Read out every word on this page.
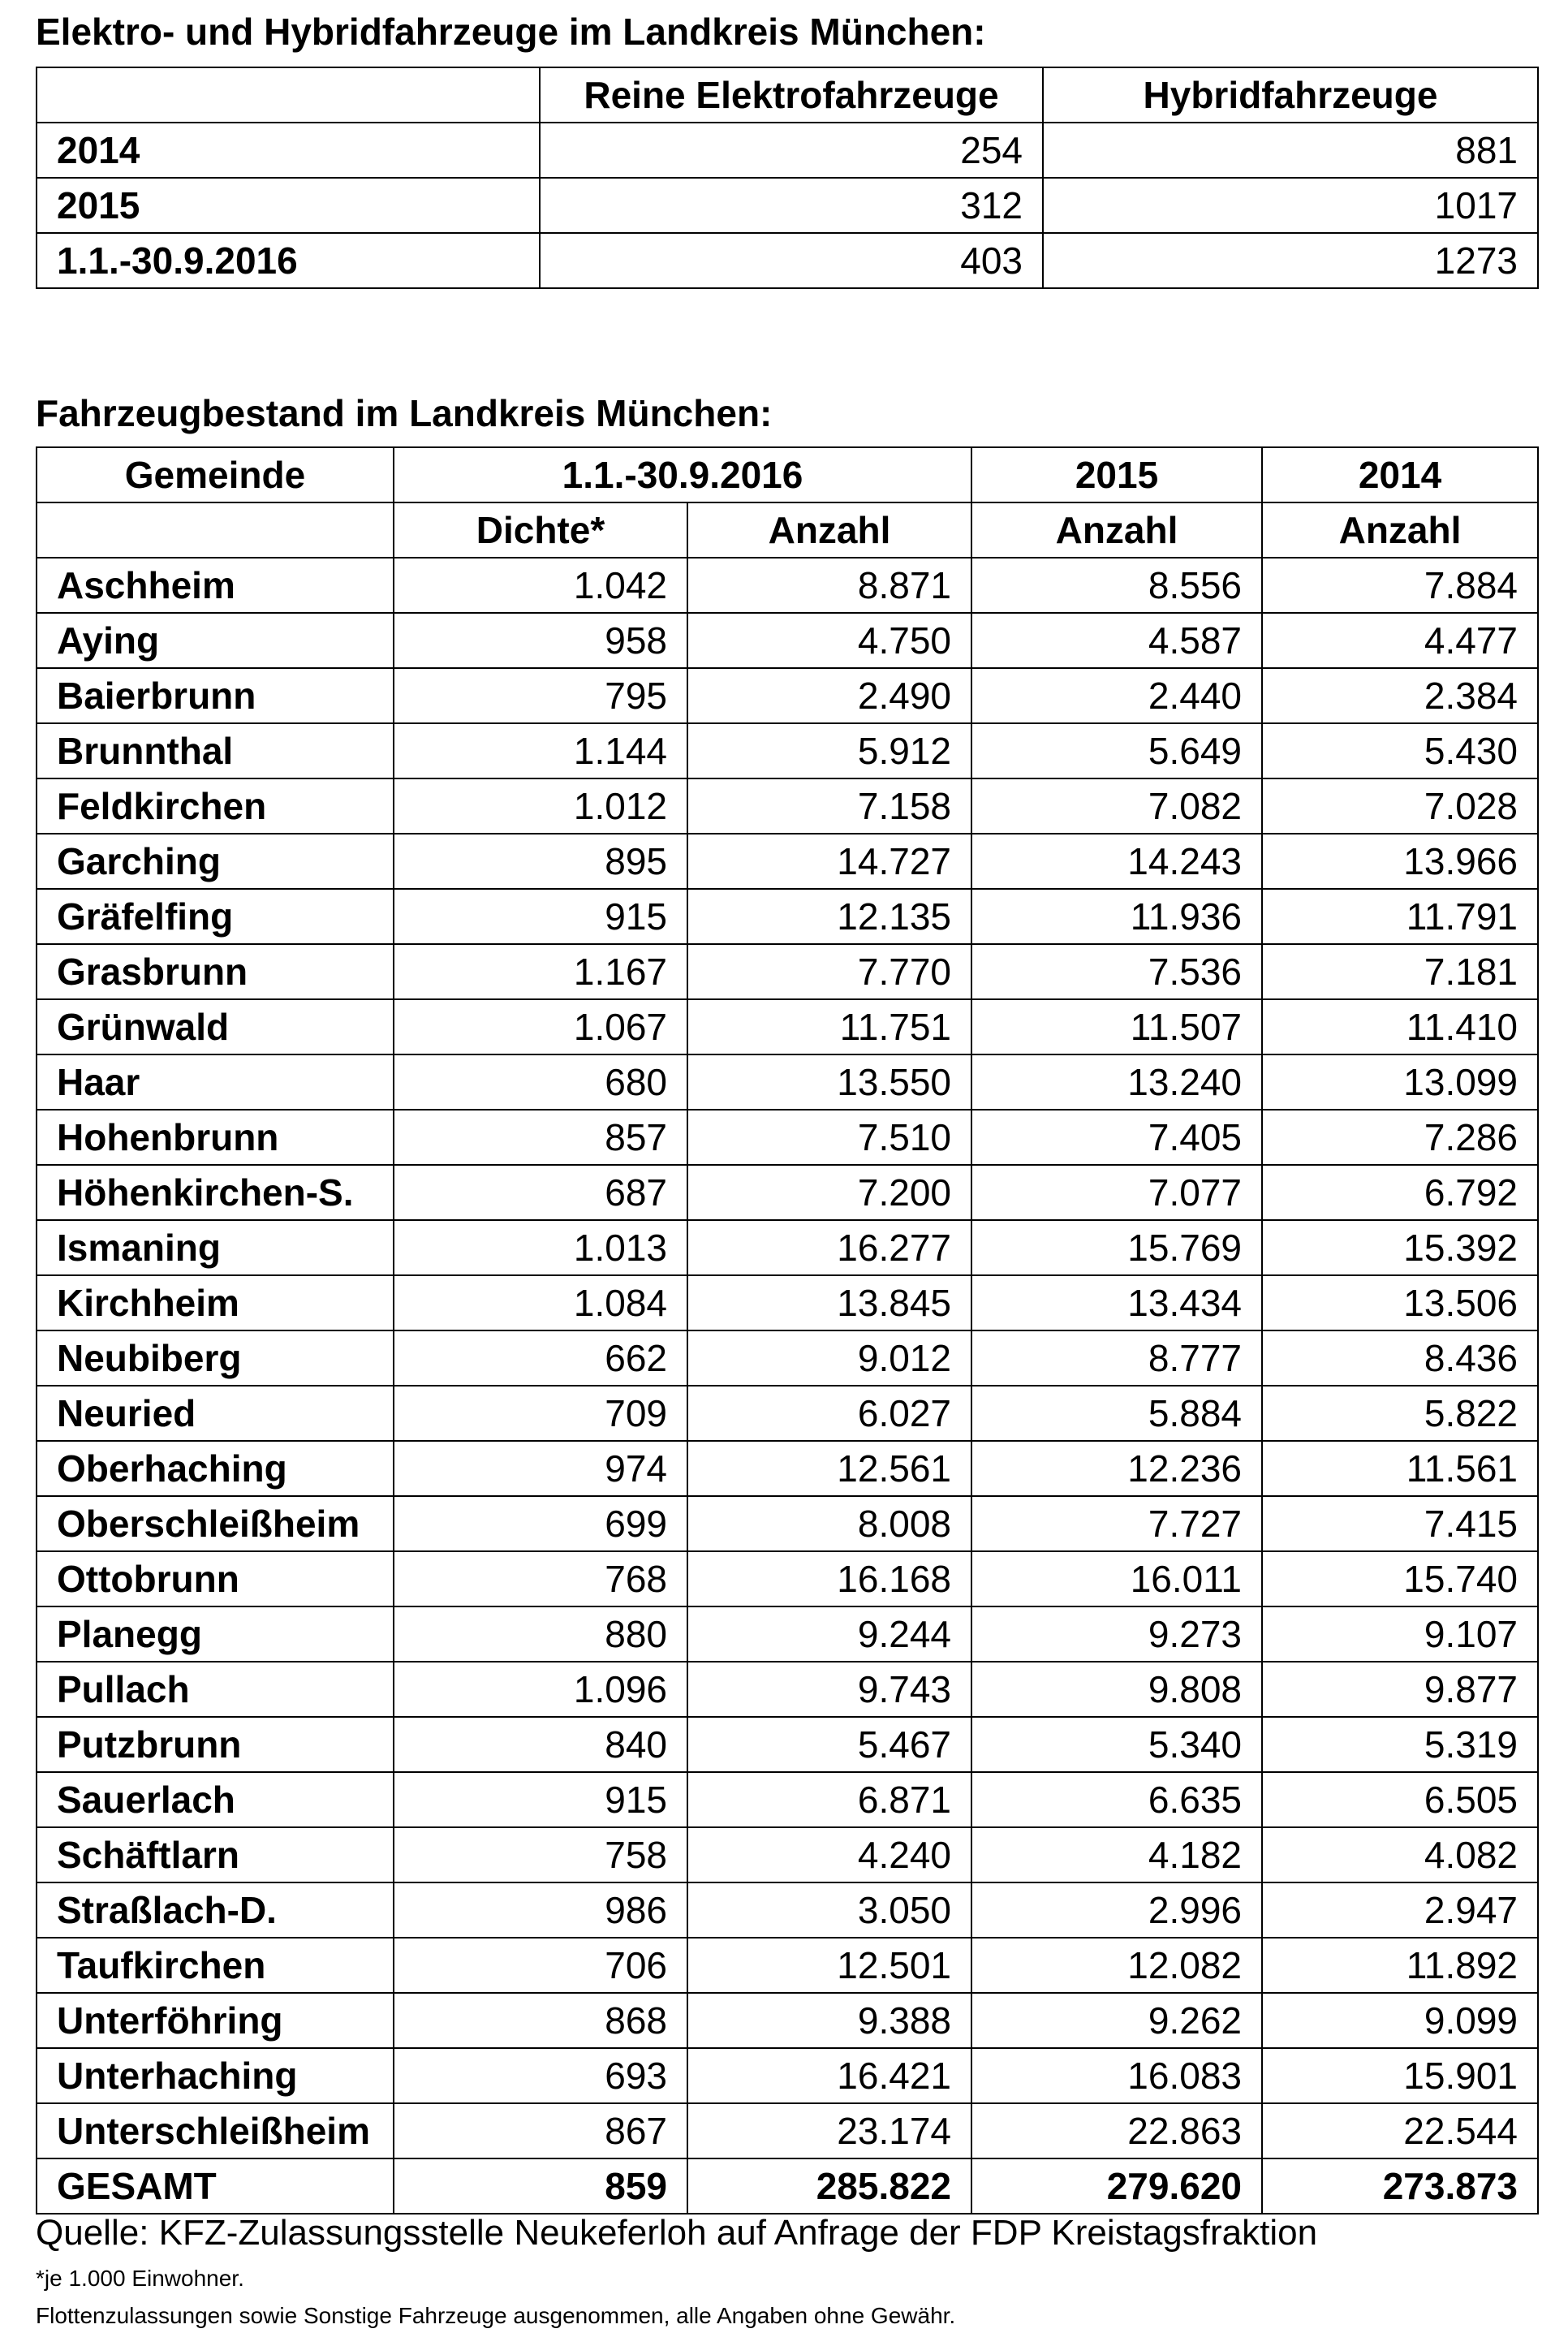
Elektro- und Hybridfahrzeuge im Landkreis München:
	Reine Elektrofahrzeuge	Hybridfahrzeuge
2014	254	881
2015	312	1017
1.1.-30.9.2016	403	1273
Fahrzeugbestand im Landkreis München:
Gemeinde	1.1.-30.9.2016		2015	2014
	Dichte*	Anzahl	Anzahl	Anzahl
Aschheim	1.042	8.871	8.556	7.884
Aying	958	4.750	4.587	4.477
Baierbrunn	795	2.490	2.440	2.384
Brunnthal	1.144	5.912	5.649	5.430
Feldkirchen	1.012	7.158	7.082	7.028
Garching	895	14.727	14.243	13.966
Gräfelfing	915	12.135	11.936	11.791
Grasbrunn	1.167	7.770	7.536	7.181
Grünwald	1.067	11.751	11.507	11.410
Haar	680	13.550	13.240	13.099
Hohenbrunn	857	7.510	7.405	7.286
Höhenkirchen-S.	687	7.200	7.077	6.792
Ismaning	1.013	16.277	15.769	15.392
Kirchheim	1.084	13.845	13.434	13.506
Neubiberg	662	9.012	8.777	8.436
Neuried	709	6.027	5.884	5.822
Oberhaching	974	12.561	12.236	11.561
Oberschleißheim	699	8.008	7.727	7.415
Ottobrunn	768	16.168	16.011	15.740
Planegg	880	9.244	9.273	9.107
Pullach	1.096	9.743	9.808	9.877
Putzbrunn	840	5.467	5.340	5.319
Sauerlach	915	6.871	6.635	6.505
Schäftlarn	758	4.240	4.182	4.082
Straßlach-D.	986	3.050	2.996	2.947
Taufkirchen	706	12.501	12.082	11.892
Unterföhring	868	9.388	9.262	9.099
Unterhaching	693	16.421	16.083	15.901
Unterschleißheim	867	23.174	22.863	22.544
GESAMT	859	285.822	279.620	273.873
Quelle: KFZ-Zulassungsstelle Neukeferloh auf Anfrage der FDP Kreistagsfraktion
*je 1.000 Einwohner.
Flottenzulassungen sowie Sonstige Fahrzeuge ausgenommen, alle Angaben ohne Gewähr.
